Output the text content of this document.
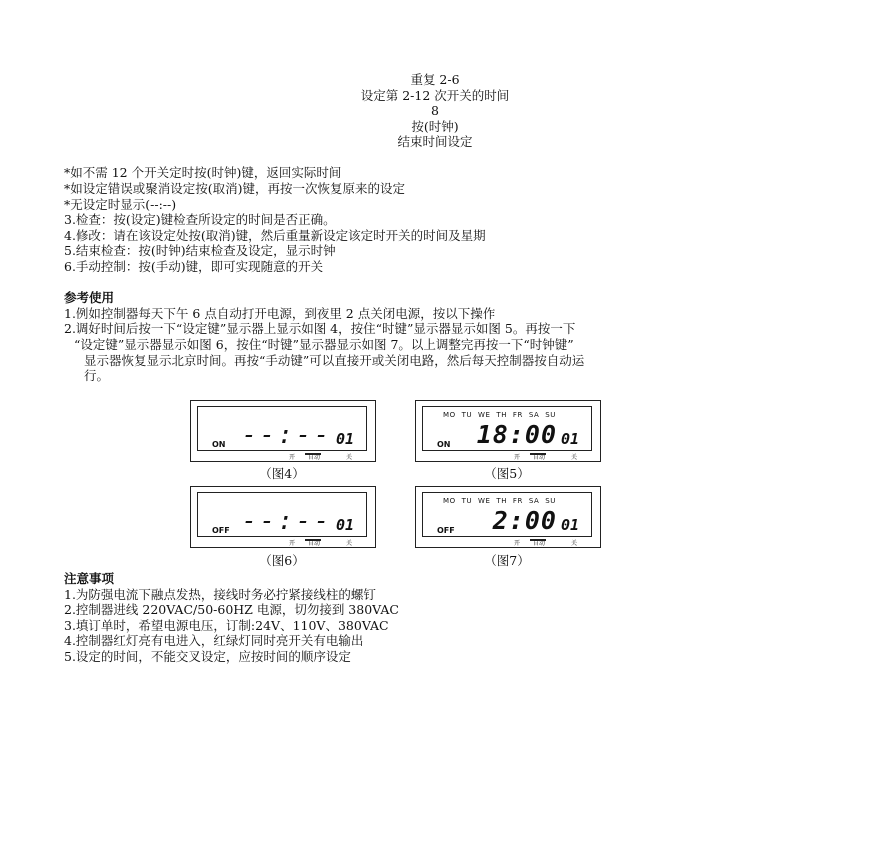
重复 2-6
设定第 2-12 次开关的时间
8
按(时钟)
结束时间设定
*如不需 12 个开关定时按(时钟)键，返回实际时间
*如设定错误或聚消设定按(取消)键，再按一次恢复原来的设定
*无设定时显示(--:--)
3.检查：按(设定)键检查所设定的时间是否正确。
4.修改：请在该设定处按(取消)键，然后重量新设定该定时开关的时间及星期
5.结束检查：按(时钟)结束检查及设定，显示时钟
6.手动控制：按(手动)键，即可实现随意的开关
参考使用
1.例如控制器每天下午 6 点自动打开电源，到夜里 2 点关闭电源，按以下操作
2.调好时间后按一下“设定键”显示器上显示如图 4，按住“时键”显示器显示如图 5。再按一下
“设定键”显示器显示如图 6，按住“时键”显示器显示如图 7。以上调整完再按一下“时钟键”
显示器恢复显示北京时间。再按“手动键”可以直接开或关闭电路，然后每天控制器按自动运
行。
ON --:-- 01
开 自动	关
（图4）
MO TU WE TH FR SA SU
ON 18:00 01
开 自动	关
（图5）
OFF --:-- 01
开 自动	关
（图6）
MO TU WE TH FR SA SU
OFF 2:00 01
开 自动	关
（图7）
注意事项
1.为防强电流下融点发热，接线时务必拧紧接线柱的螺钉
2.控制器进线 220VAC/50-60HZ 电源，切勿接到 380VAC
3.填订单时，希望电源电压，订制:24V、110V、380VAC
4.控制器红灯亮有电进入，红绿灯同时亮开关有电输出
5.设定的时间，不能交叉设定，应按时间的顺序设定
